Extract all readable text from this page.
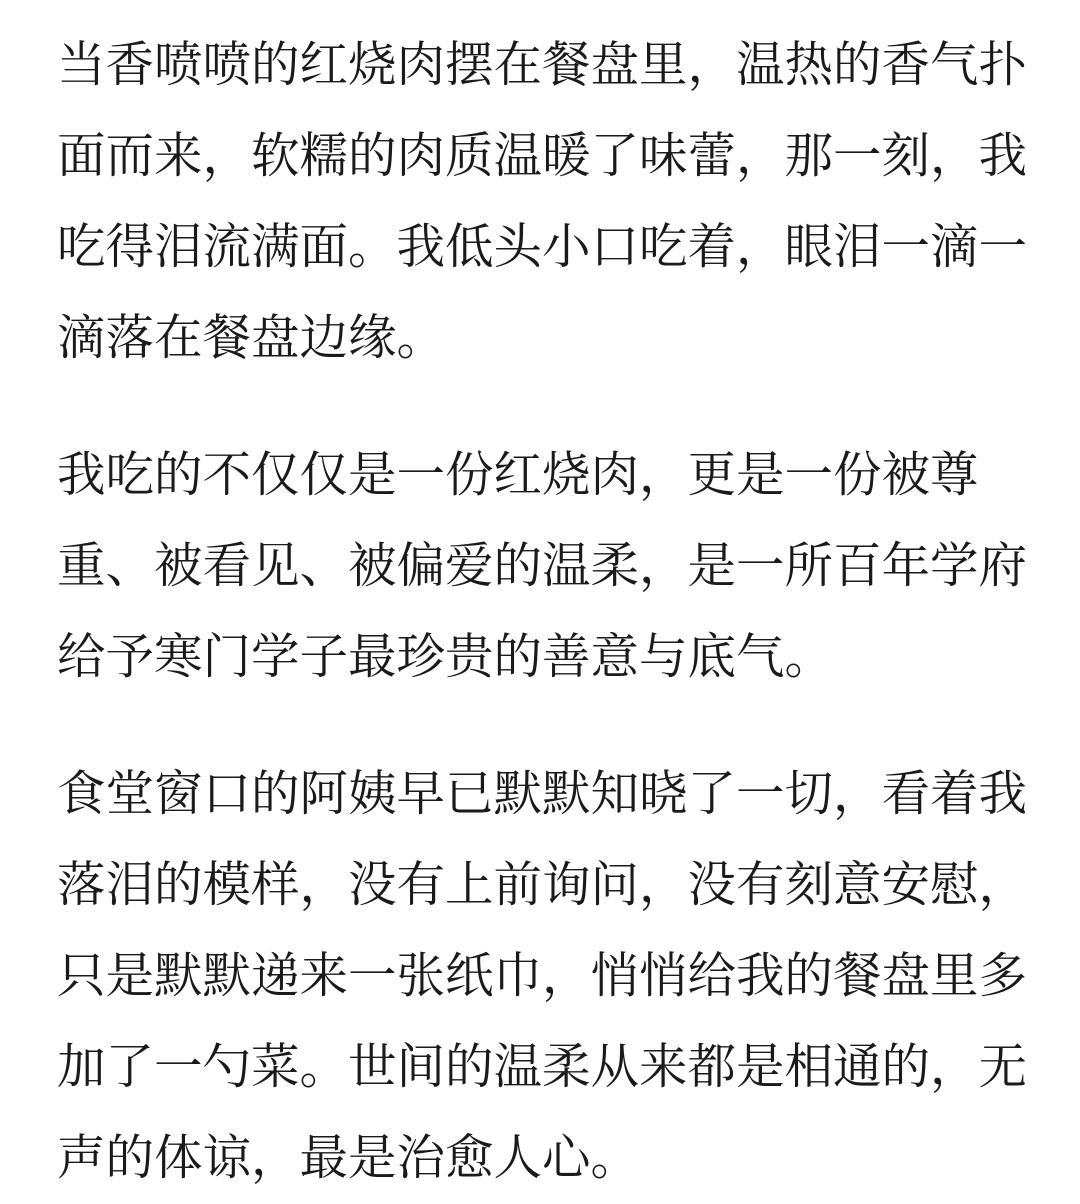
当香喷喷的红烧肉摆在餐盘里，温热的香气扑
面而来，软糯的肉质温暖了味蕾，那一刻，我
吃得泪流满面。我低头小口吃着，眼泪一滴一
滴落在餐盘边缘。
我吃的不仅仅是一份红烧肉，更是一份被尊
重、被看见、被偏爱的温柔，是一所百年学府
给予寒门学子最珍贵的善意与底气。
食堂窗口的阿姨早已默默知晓了一切，看着我
落泪的模样，没有上前询问，没有刻意安慰，
只是默默递来一张纸巾，悄悄给我的餐盘里多
加了一勺菜。世间的温柔从来都是相通的，无
声的体谅，最是治愈人心。
